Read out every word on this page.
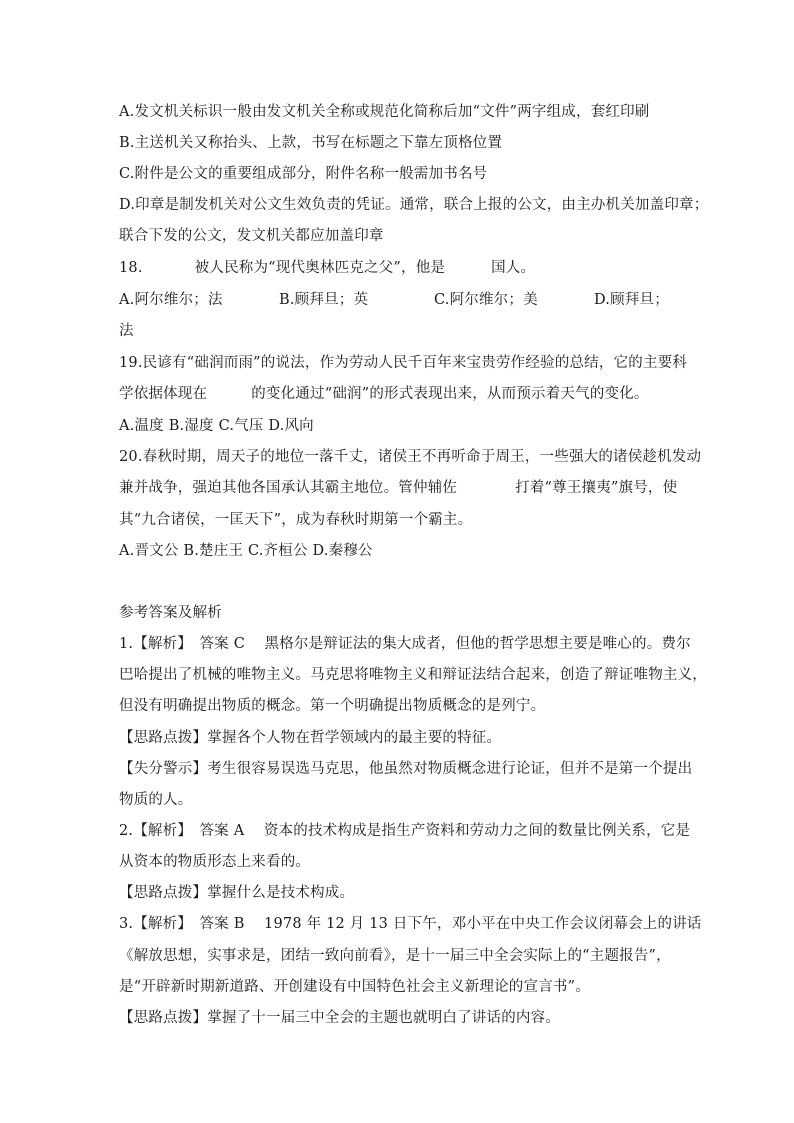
A.发文机关标识一般由发文机关全称或规范化简称后加“文件”两字组成，套红印刷
B.主送机关又称抬头、上款，书写在标题之下靠左顶格位置
C.附件是公文的重要组成部分，附件名称一般需加书名号
D.印章是制发机关对公文生效负责的凭证。通常，联合上报的公文，由主办机关加盖印章；
联合下发的公文，发文机关都应加盖印章
18.	被人民称为“现代奥林匹克之父”，他是	国人。
A.阿尔维尔；法	B.顾拜旦；英	C.阿尔维尔；美	D.顾拜旦；
法
19.民谚有“础润而雨”的说法，作为劳动人民千百年来宝贵劳作经验的总结，它的主要科
学依据体现在	的变化通过“础润”的形式表现出来，从而预示着天气的变化。
A.温度 B.湿度 C.气压 D.风向
20.春秋时期，周天子的地位一落千丈，诸侯王不再听命于周王，一些强大的诸侯趁机发动
兼并战争，强迫其他各国承认其霸主地位。管仲辅佐	打着“尊王攘夷”旗号，使
其“九合诸侯，一匡天下”，成为春秋时期第一个霸主。
A.晋文公 B.楚庄王 C.齐桓公 D.秦穆公
参考答案及解析
1.【解析】　答案 C　 黑格尔是辩证法的集大成者，但他的哲学思想主要是唯心的。费尔
巴哈提出了机械的唯物主义。马克思将唯物主义和辩证法结合起来，创造了辩证唯物主义，
但没有明确提出物质的概念。第一个明确提出物质概念的是列宁。
【思路点拨】掌握各个人物在哲学领域内的最主要的特征。
【失分警示】考生很容易误选马克思，他虽然对物质概念进行论证，但并不是第一个提出
物质的人。
2.【解析】　答案 A　 资本的技术构成是指生产资料和劳动力之间的数量比例关系，它是
从资本的物质形态上来看的。
【思路点拨】掌握什么是技术构成。
3.【解析】　答案 B　 1978 年 12 月 13 日下午，邓小平在中央工作会议闭幕会上的讲话
《解放思想，实事求是，团结一致向前看》，是十一届三中全会实际上的“主题报告”，
是“开辟新时期新道路、开创建设有中国特色社会主义新理论的宣言书”。
【思路点拨】掌握了十一届三中全会的主题也就明白了讲话的内容。
